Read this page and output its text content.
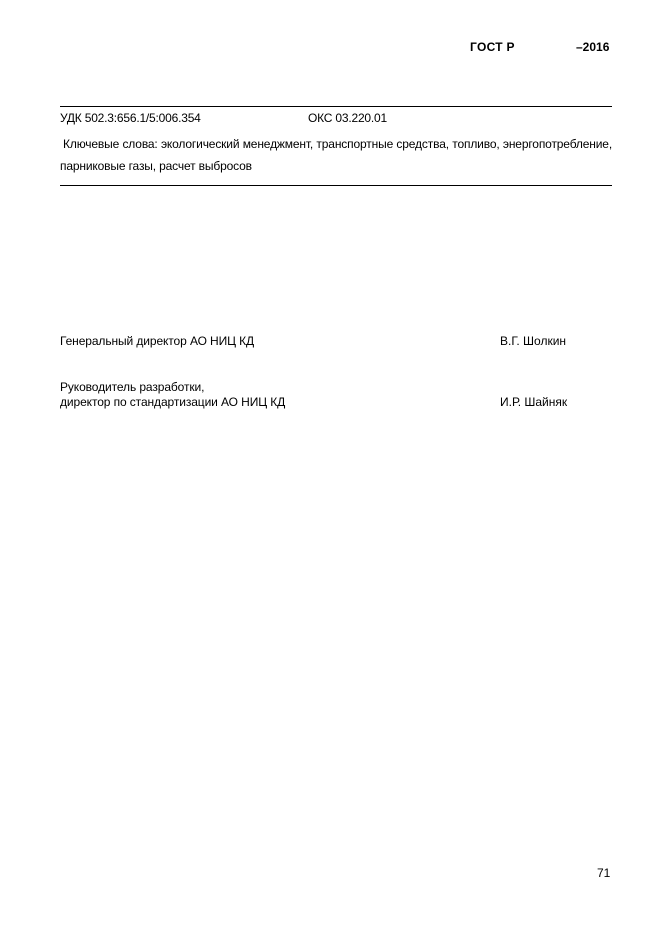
ГОСТ Р	–2016
УДК 502.3:656.1/5:006.354	ОКС 03.220.01
Ключевые слова: экологический менеджмент, транспортные средства, топливо, энергопотребление, парниковые газы, расчет выбросов
Генеральный директор АО НИЦ КД	В.Г. Шолкин
Руководитель разработки,
директор по стандартизации АО НИЦ КД	И.Р. Шайняк
71
